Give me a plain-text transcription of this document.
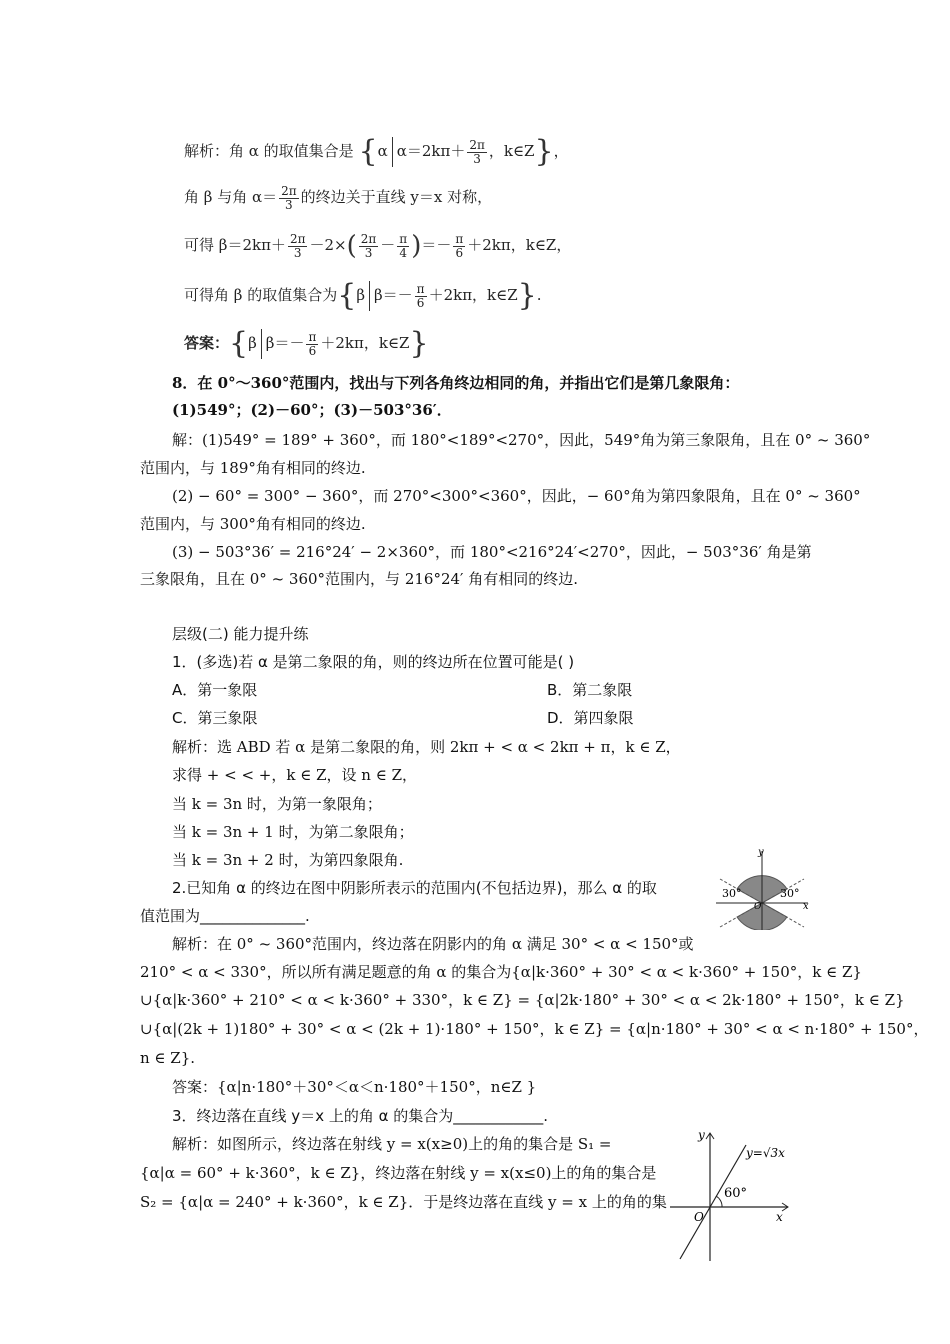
解析：角 α 的取值集合是 {α $\alpha=2k\pi+ \frac{2\pi}{3}$ ，k∈Z}，
角 β 与角 $\alpha= \frac{2\pi}{3}$ 的终边关于直线 y＝x 对称，
可得 $\beta=2k\pi+ \frac{2\pi}{3} -2\times( \frac{2\pi}{3} - \frac{\pi}{4}$ )＝－ $\frac{\pi}{6} +2k\pi$，k∈Z，
可得角 β 的取值集合为{β $\beta=- \frac{\pi}{6} +2k\pi$，k∈Z}.
答案：{β $\beta=- \frac{\pi}{6} +2k\pi$，k∈Z}
8．在 0°～360°范围内，找出与下列各角终边相同的角，并指出它们是第几象限角：
(1)549°；(2)－60°；(3)－503°36′．
解：(1)549° = 189° + 360°，而 180°<189°<270°，因此，549°角为第三象限角，且在 0° ~ 360°
范围内，与 189°角有相同的终边.
(2) − 60° = 300° − 360°，而 270°<300°<360°，因此，− 60°角为第四象限角，且在 0° ~ 360°
范围内，与 300°角有相同的终边.
(3) − 503°36′ = 216°24′ − 2×360°，而 180°<216°24′<270°，因此，− 503°36′ 角是第
三象限角，且在 0° ~ 360°范围内，与 216°24′ 角有相同的终边.
层级(二) 能力提升练
1．(多选)若 α 是第二象限的角，则的终边所在位置可能是( )
A．第一象限	B．第二象限
C．第三象限	D．第四象限
解析：选 ABD 若 α 是第二象限的角，则 2kπ + < α < 2kπ + π，k ∈ Z，
求得 + < < +，k ∈ Z，设 n ∈ Z，
当 k = 3n 时，为第一象限角；
当 k = 3n + 1 时，为第二象限角；
当 k = 3n + 2 时，为第四象限角.
2.已知角 α 的终边在图中阴影所表示的范围内(不包括边界)，那么 α 的取
值范围为______________.
y
x
O
30°	30°
解析：在 0° ~ 360°范围内，终边落在阴影内的角 α 满足 30° < α < 150°或
210° < α < 330°，所以所有满足题意的角 α 的集合为{α|k·360° + 30° < α < k·360° + 150°，k ∈ Z}
∪{α|k·360° + 210° < α < k·360° + 330°，k ∈ Z} = {α|2k·180° + 30° < α < 2k·180° + 150°，k ∈ Z}
∪{α|(2k + 1)180° + 30° < α < (2k + 1)·180° + 150°，k ∈ Z} = {α|n·180° + 30° < α < n·180° + 150°，
n ∈ Z}.
答案：{α|n·180°＋30°＜α＜n·180°＋150°，n∈Z }
3．终边落在直线 y＝x 上的角 α 的集合为____________.
解析：如图所示，终边落在射线 y = x(x≥0)上的角的集合是 S₁ =
{α|α = 60° + k·360°，k ∈ Z}，终边落在射线 y = x(x≤0)上的角的集合是
S₂ = {α|α = 240° + k·360°，k ∈ Z}．于是终边落在直线 y = x 上的角的集
y
x
O
60°
y=√3x
